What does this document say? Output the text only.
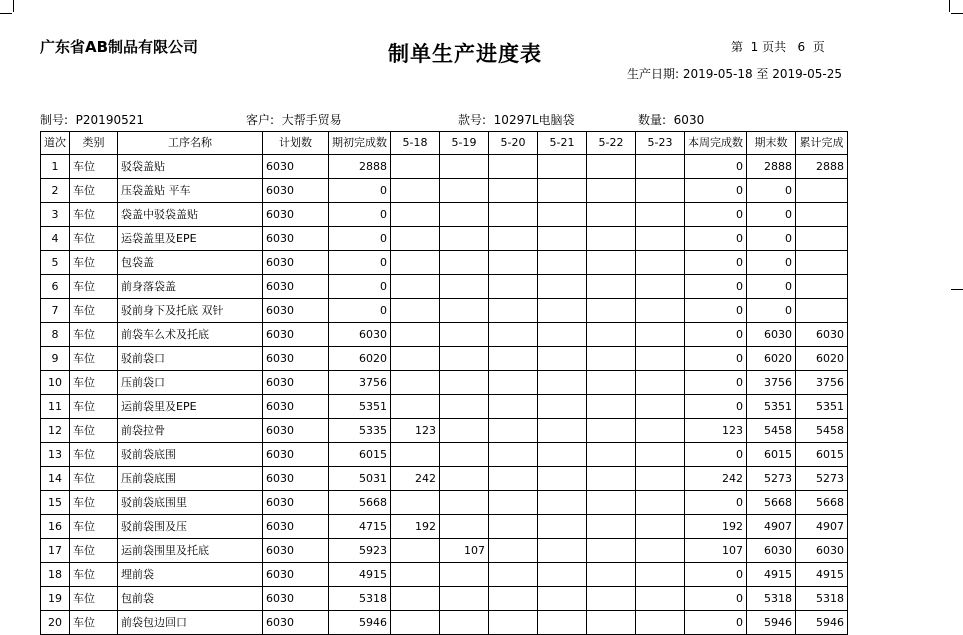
广东省AB制品有限公司	制单生产进度表	第  1 页共   6  页
生产日期: 2019-05-18 至 2019-05-25
制号:  P20190521	客户:  大帮手贸易	款号:  10297L电脑袋	数量:  6030
道次	类别	工序名称	计划数	期初完成数	5-18	5-19	5-20	5-21	5-22	5-23	本周完成数	期末数	累计完成
1	车位	驳袋盖贴	6030	2888							0	2888	2888
2	车位	压袋盖贴 平车	6030	0							0	0	
3	车位	袋盖中驳袋盖贴	6030	0							0	0	
4	车位	运袋盖里及EPE	6030	0							0	0	
5	车位	包袋盖	6030	0							0	0	
6	车位	前身落袋盖	6030	0							0	0	
7	车位	驳前身下及托底 双针	6030	0							0	0	
8	车位	前袋车么术及托底	6030	6030							0	6030	6030
9	车位	驳前袋口	6030	6020							0	6020	6020
10	车位	压前袋口	6030	3756							0	3756	3756
11	车位	运前袋里及EPE	6030	5351							0	5351	5351
12	车位	前袋拉骨	6030	5335	123						123	5458	5458
13	车位	驳前袋底围	6030	6015							0	6015	6015
14	车位	压前袋底围	6030	5031	242						242	5273	5273
15	车位	驳前袋底围里	6030	5668							0	5668	5668
16	车位	驳前袋围及压	6030	4715	192						192	4907	4907
17	车位	运前袋围里及托底	6030	5923		107					107	6030	6030
18	车位	埋前袋	6030	4915							0	4915	4915
19	车位	包前袋	6030	5318							0	5318	5318
20	车位	前袋包边回口	6030	5946							0	5946	5946
